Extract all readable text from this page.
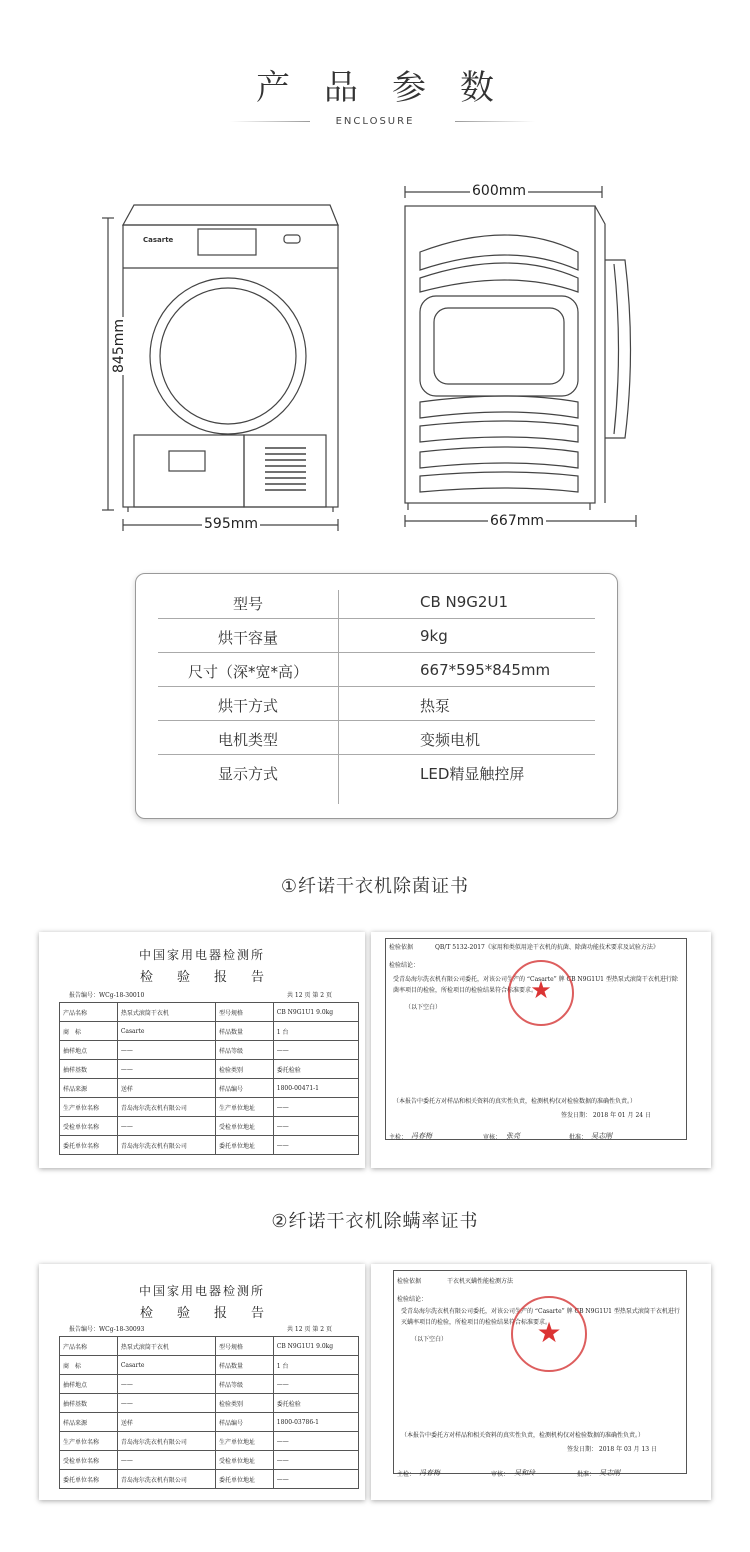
产品参数
ENCLOSURE
Casarte
845mm
595mm
600mm
667mm
型号	CB N9G2U1
烘干容量	9kg
尺寸（深*宽*高）	667*595*845mm
烘干方式	热泵
电机类型	变频电机
显示方式	LED精显触控屏
①纤诺干衣机除菌证书
中国家用电器检测所
检验报告
报告编号：WCg-18-30010	共 12 页 第 2 页
产品名称	热泵式滚筒干衣机	型号规格	CB N9G1U1 9.0kg
商　标	Casarte	样品数量	1 台
抽样地点	——	样品等级	——
抽样基数	——	检验类别	委托检验
样品来源	送样	样品编号	1800-00471-1
生产单位名称	青岛海尔洗衣机有限公司	生产单位地址	——
受检单位名称	——	受检单位地址	——
委托单位名称	青岛海尔洗衣机有限公司	委托单位地址	——
检验依据	QB/T 5132-2017《家用和类似用途干衣机的抗菌、除菌功能技术要求及试验方法》
检验结论：
受青岛海尔洗衣机有限公司委托，对该公司生产的 “Casarte” 牌 CB N9G1U1 型热泵式滚筒干衣机进行除菌率项目的检验，所检项目的检验结果符合标准要求。
（以下空白）
★
（本报告中委托方对样品和相关资料的真实性负责，检测机构仅对检验数据的准确性负责。）
签发日期： 2018 年 01 月 24 日
主检： 冯春梅	审核： 张亮	批准： 吴志刚
②纤诺干衣机除螨率证书
中国家用电器检测所
检验报告
报告编号：WCg-18-30093	共 12 页 第 2 页
产品名称	热泵式滚筒干衣机	型号规格	CB N9G1U1 9.0kg
商　标	Casarte	样品数量	1 台
抽样地点	——	样品等级	——
抽样基数	——	检验类别	委托检验
样品来源	送样	样品编号	1800-03786-1
生产单位名称	青岛海尔洗衣机有限公司	生产单位地址	——
受检单位名称	——	受检单位地址	——
委托单位名称	青岛海尔洗衣机有限公司	委托单位地址	——
检验依据	干衣机灭螨性能检测方法
检验结论：
受青岛海尔洗衣机有限公司委托，对该公司生产的 “Casarte” 牌 CB N9G1U1 型热泵式滚筒干衣机进行灭螨率项目的检验，所检项目的检验结果符合标准要求。
（以下空白）	★
（本报告中委托方对样品和相关资料的真实性负责，检测机构仅对检验数据的准确性负责。）
签发日期： 2018 年 03 月 13 日
主检： 冯春梅	审核： 吴和玲	批准： 吴志刚
